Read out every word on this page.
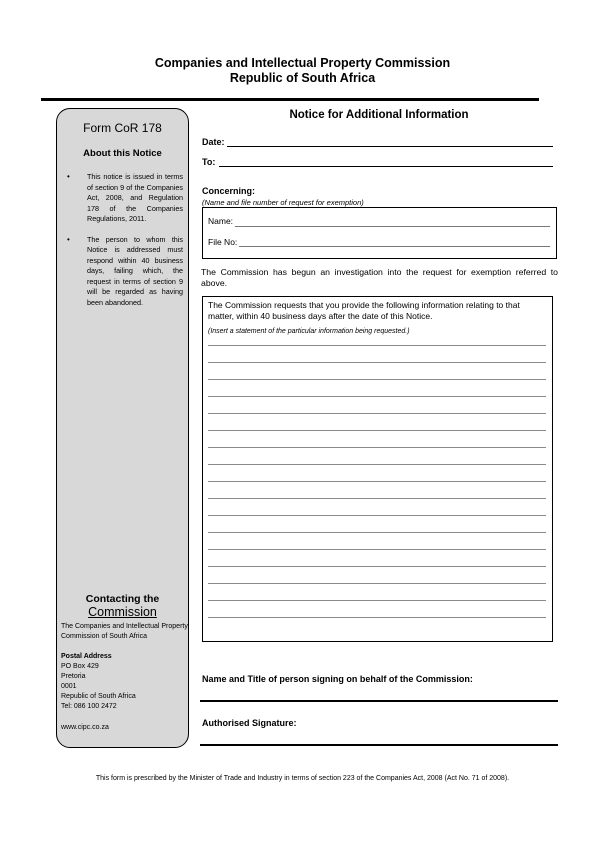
Companies and Intellectual Property Commission
Republic of South Africa
Form CoR 178
About this Notice
• This notice is issued in terms of section 9 of the Companies Act, 2008, and Regulation 178 of the Companies Regulations, 2011.
• The person to whom this Notice is addressed must respond within 40 business days, failing which, the request in terms of section 9 will be regarded as having been abandoned.
Contacting the
Commission
The Companies and Intellectual Property Commission of South Africa
Postal Address
PO Box 429
Pretoria
0001
Republic of South Africa
Tel: 086 100 2472
www.cipc.co.za
Notice for Additional Information
Date:
To:
Concerning:
(Name and file number of request for exemption)
Name:
File No:
The Commission has begun an investigation into the request for exemption referred to above.
The Commission requests that you provide the following information relating to that matter, within 40 business days after the date of this Notice.
(Insert a statement of the particular information being requested.)
Name and Title of person signing on behalf of the Commission:
Authorised Signature:
This form is prescribed by the Minister of Trade and Industry in terms of section 223 of the Companies Act, 2008 (Act No. 71 of 2008).
